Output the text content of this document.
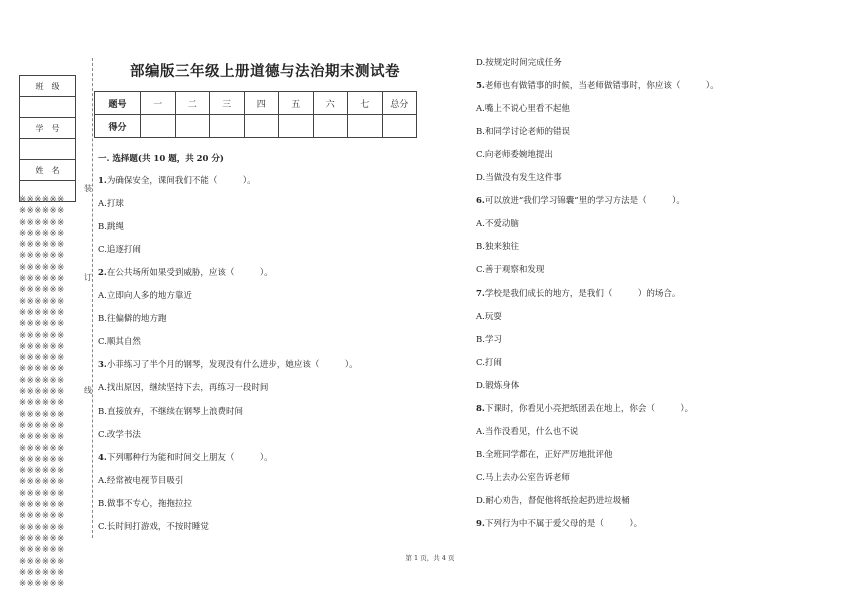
班　级

学　号

姓　名

※※※※※※
※※※※※※
※※※※※※
※※※※※※
※※※※※※
※※※※※※
※※※※※※
※※※※※※
※※※※※※
※※※※※※
※※※※※※
※※※※※※
※※※※※※
※※※※※※
※※※※※※
※※※※※※
※※※※※※
※※※※※※
※※※※※※
※※※※※※
※※※※※※
※※※※※※
※※※※※※
※※※※※※
※※※※※※
※※※※※※
※※※※※※
※※※※※※
※※※※※※
※※※※※※
※※※※※※
※※※※※※
※※※※※※
※※※※※※
※※※※※※
装
订
线
部编版三年级上册道德与法治期末测试卷
题号	一	二	三	四	五	六	七	总分
得分								
一. 选择题(共 10 题，共 20 分)
1.为确保安全，课间我们不能（　　　）。
A.打球
B.跳绳
C.追逐打闹
2.在公共场所如果受到威胁，应该（　　　）。
A.立即向人多的地方靠近
B.往偏僻的地方跑
C.顺其自然
3.小菲练习了半个月的钢琴，发现没有什么进步，她应该（　　　）。
A.找出原因，继续坚持下去，再练习一段时间
B.直接放弃，不继续在钢琴上浪费时间
C.改学书法
4.下列哪种行为能和时间交上朋友（　　　）。
A.经常被电视节目吸引
B.做事不专心，拖拖拉拉
C.长时间打游戏，不按时睡觉
D.按规定时间完成任务
5.老师也有做错事的时候，当老师做错事时，你应该（　　　）。
A.嘴上不说心里看不起他
B.和同学讨论老师的错误
C.向老师委婉地提出
D.当做没有发生这件事
6.可以放进“我们学习锦囊”里的学习方法是（　　　）。
A.不爱动脑
B.独来独往
C.善于观察和发现
7.学校是我们成长的地方，是我们（　　　）的场合。
A.玩耍
B.学习
C.打闹
D.锻炼身体
8.下课时，你看见小亮把纸团丢在地上，你会（　　　）。
A.当作没看见，什么也不说
B.全班同学都在，正好严厉地批评他
C.马上去办公室告诉老师
D.耐心劝告，督促他将纸捡起扔进垃圾桶
9.下列行为中不属于爱父母的是（　　　）。
第 1 页，共 4 页
